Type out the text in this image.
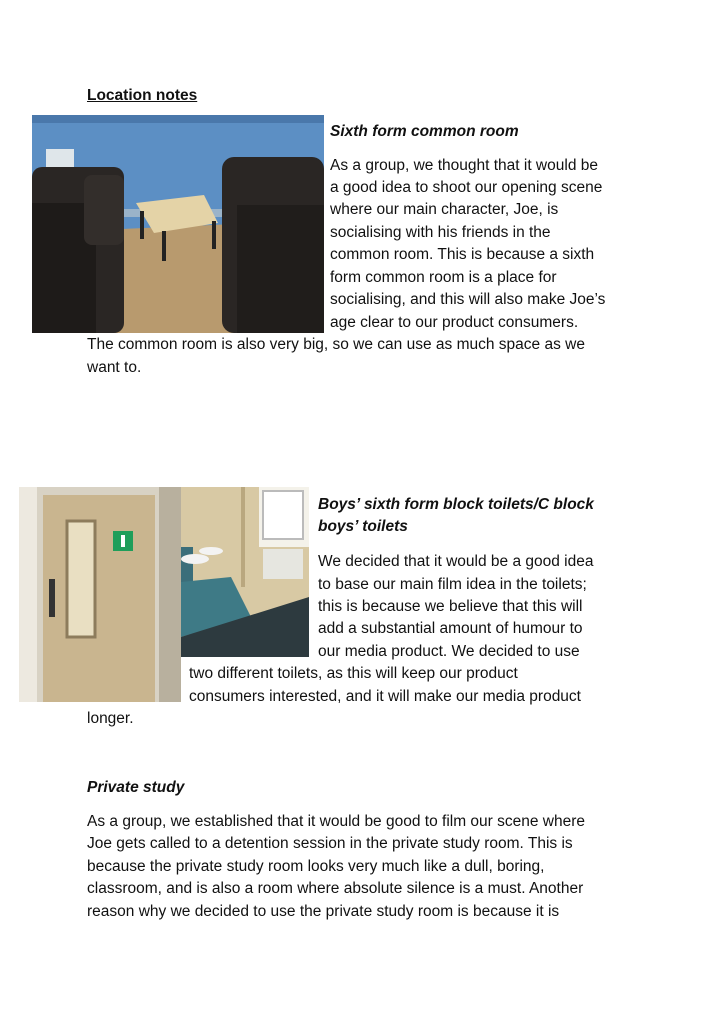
Location notes
Sixth form common room
As a group, we thought that it would be
a good idea to shoot our opening scene
where our main character, Joe, is
socialising with his friends in the
common room. This is because a sixth
form common room is a place for
socialising, and this will also make Joe’s
age clear to our product consumers.
The common room is also very big, so we can use as much space as we
want to.
Boys’ sixth form block toilets/C block
boys’ toilets
We decided that it would be a good idea
to base our main film idea in the toilets;
this is because we believe that this will
add a substantial amount of humour to
our media product. We decided to use
two different toilets, as this will keep our product
consumers interested, and it will make our media product
longer.
Private study
As a group, we established that it would be good to film our scene where
Joe gets called to a detention session in the private study room. This is
because the private study room looks very much like a dull, boring,
classroom, and is also a room where absolute silence is a must. Another
reason why we decided to use the private study room is because it is
